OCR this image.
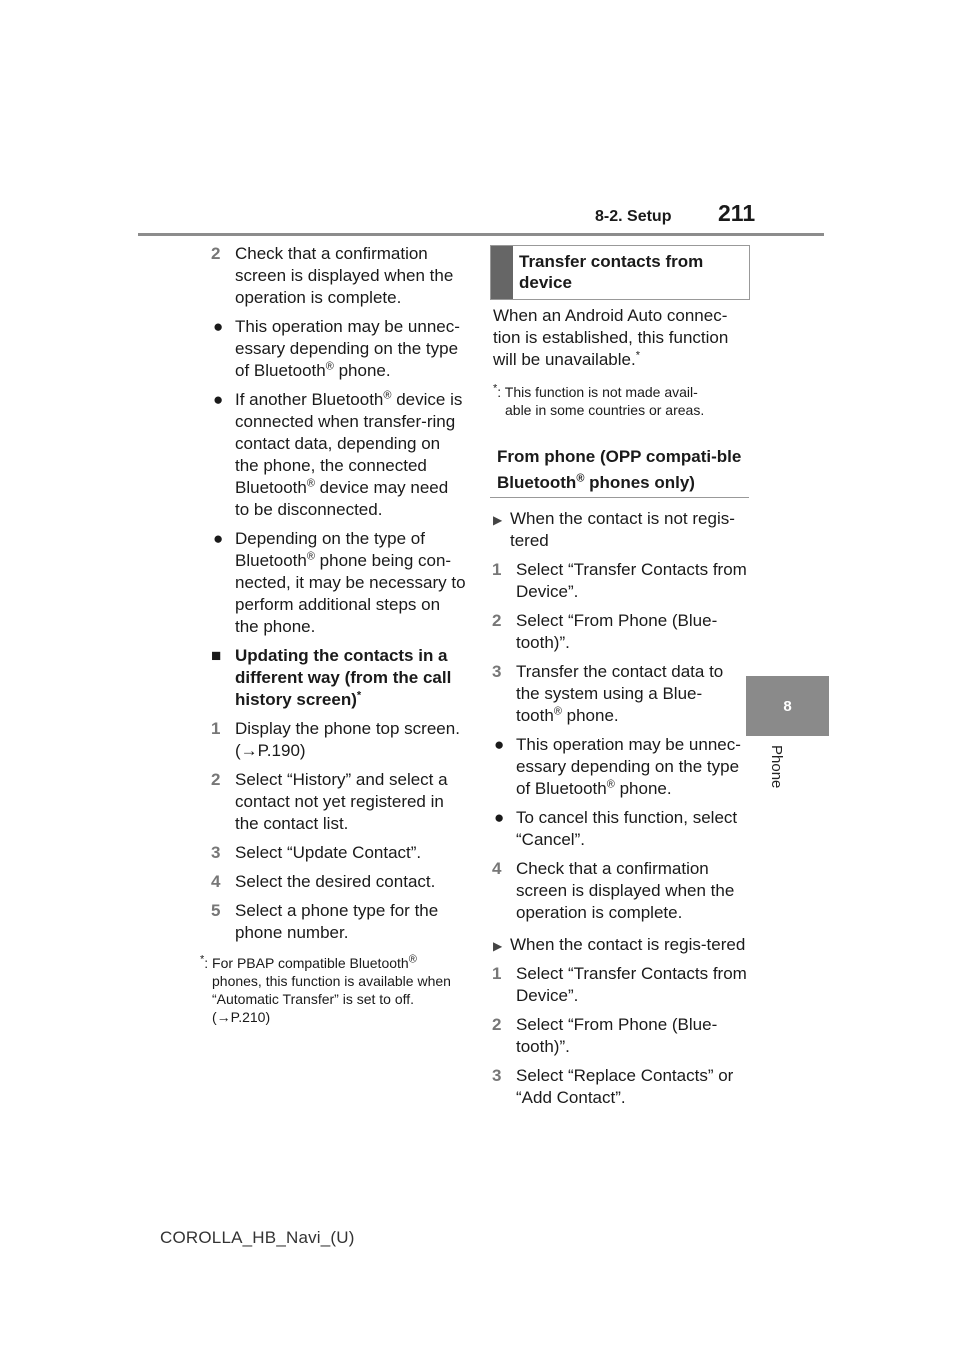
8-2. Setup 211
8
Phone
2 Check that a confirmation screen is displayed when the operation is complete.
● This operation may be unnec-essary depending on the type of Bluetooth® phone.
● If another Bluetooth® device is connected when transfer-ring contact data, depending on the phone, the connected Bluetooth® device may need to be disconnected.
● Depending on the type of Bluetooth® phone being con-nected, it may be necessary to perform additional steps on the phone.
■ Updating the contacts in a different way (from the call history screen)*
1 Display the phone top screen. (→P.190)
2 Select “History” and select a contact not yet registered in the contact list.
3 Select “Update Contact”.
4 Select the desired contact.
5 Select a phone type for the phone number.
*: For PBAP compatible Bluetooth®
phones, this function is available when “Automatic Transfer” is set to off. (→P.210)
Transfer contacts from device

When an Android Auto connec-tion is established, this function will be unavailable.*

*: This function is not made avail-
able in some countries or areas.
From phone (OPP compati-ble Bluetooth® phones only)
▶ When the contact is not regis-tered
1 Select “Transfer Contacts from Device”.
2 Select “From Phone (Blue-tooth)”.
3 Transfer the contact data to the system using a Blue-tooth® phone.
● This operation may be unnec-essary depending on the type of Bluetooth® phone.
● To cancel this function, select “Cancel”.
4 Check that a confirmation screen is displayed when the operation is complete.
▶ When the contact is regis-tered
1 Select “Transfer Contacts from Device”.
2 Select “From Phone (Blue-tooth)”.
3 Select “Replace Contacts” or “Add Contact”.
COROLLA_HB_Navi_(U)
